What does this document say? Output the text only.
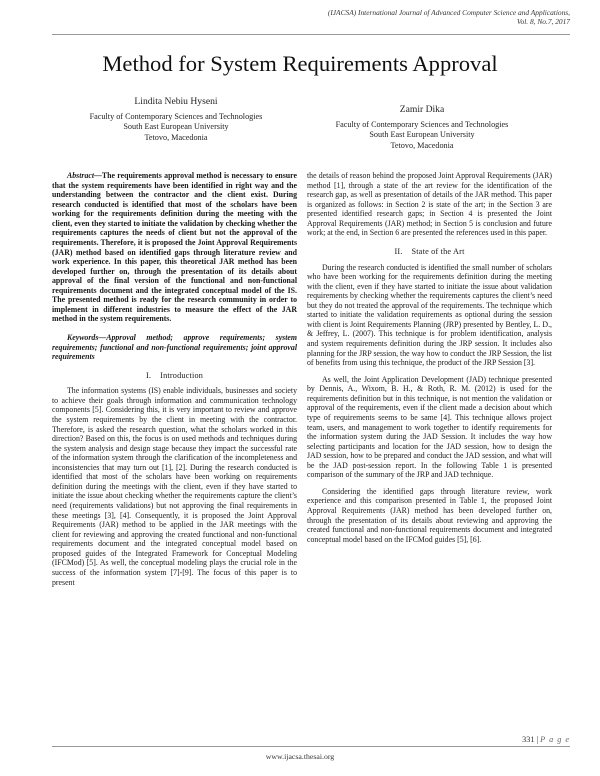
(IJACSA) International Journal of Advanced Computer Science and Applications,
Vol. 8, No.7, 2017
Method for System Requirements Approval
Lindita Nebiu Hyseni
Faculty of Contemporary Sciences and Technologies
South East European University
Tetovo, Macedonia
Zamir Dika
Faculty of Contemporary Sciences and Technologies
South East European University
Tetovo, Macedonia

Abstract—The requirements approval method is necessary to ensure that the system requirements have been identified in right way and the understanding between the contractor and the client exist. During research conducted is identified that most of the scholars have been working for the requirements definition during the meeting with the client, even they started to initiate the validation by checking whether the requirements captures the needs of client but not the approval of the requirements. Therefore, it is proposed the Joint Approval Requirements (JAR) method based on identified gaps through literature review and work experience. In this paper, this theoretical JAR method has been developed further on, through the presentation of its details about approval of the final version of the functional and non-functional requirements document and the integrated conceptual model of the IS. The presented method is ready for the research community in order to implement in different industries to measure the effect of the JAR method in the system requirements.

Keywords—Approval method; approve requirements; system requirements; functional and non-functional requirements; joint approval requirements

I. Introduction

The information systems (IS) enable individuals, businesses and society to achieve their goals through information and communication technology components [5]. Considering this, it is very important to review and approve the system requirements by the client in meeting with the contractor. Therefore, is asked the research question, what the scholars worked in this direction? Based on this, the focus is on used methods and techniques during the system analysis and design stage because they impact the successful rate of the information system through the clarification of the incompleteness and inconsistencies that may turn out [1], [2]. During the research conducted is identified that most of the scholars have been working on requirements definition during the meetings with the client, even if they have started to initiate the issue about checking whether the requirements capture the client’s need (requirements validations) but not approving the final requirements in these meetings [3], [4]. Consequently, it is proposed the Joint Approval Requirements (JAR) method to be applied in the JAR meetings with the client for reviewing and approving the created functional and non-functional requirements document and the integrated conceptual model based on proposed guides of the Integrated Framework for Conceptual Modeling (IFCMod) [5]. As well, the conceptual modeling plays the crucial role in the success of the information system [7]-[9]. The focus of this paper is to present

the details of reason behind the proposed Joint Approval Requirements (JAR) method [1], through a state of the art review for the identification of the research gap, as well as presentation of details of the JAR method. This paper is organized as follows: in Section 2 is state of the art; in the Section 3 are presented identified research gaps; in Section 4 is presented the Joint Approval Requirements (JAR) method; in Section 5 is conclusion and future work; at the end, in Section 6 are presented the references used in this paper.

II. State of the Art

During the research conducted is identified the small number of scholars who have been working for the requirements definition during the meeting with the client, even if they have started to initiate the issue about validation requirements by checking whether the requirements captures the client’s need but they do not treated the approval of the requirements. The technique which started to initiate the validation requirements as optional during the session with client is Joint Requirements Planning (JRP) presented by Bentley, L. D., & Jeffrey, L. (2007). This technique is for problem identification, analysis and system requirements definition during the JRP session. It includes also planning for the JRP session, the way how to conduct the JRP Session, the list of benefits from using this technique, the product of the JRP Session [3].

As well, the Joint Application Development (JAD) technique presented by Dennis, A., Wixom, B. H., & Roth, R. M. (2012) is used for the requirements definition but in this technique, is not mention the validation or approval of the requirements, even if the client made a decision about which type of requirements seems to be same [4]. This technique allows project team, users, and management to work together to identify requirements for the information system during the JAD Session. It includes the way how selecting participants and location for the JAD session, how to design the JAD session, how to be prepared and conduct the JAD session, and what will be the JAD post-session report. In the following Table 1 is presented comparison of the summary of the JRP and JAD technique.

Considering the identified gaps through literature review, work experience and this comparison presented in Table 1, the proposed Joint Approval Requirements (JAR) method has been developed further on, through the presentation of its details about reviewing and approving the created functional and non-functional requirements document and integrated conceptual model based on the IFCMod guides [5], [6].

331 | P a g e
www.ijacsa.thesai.org
